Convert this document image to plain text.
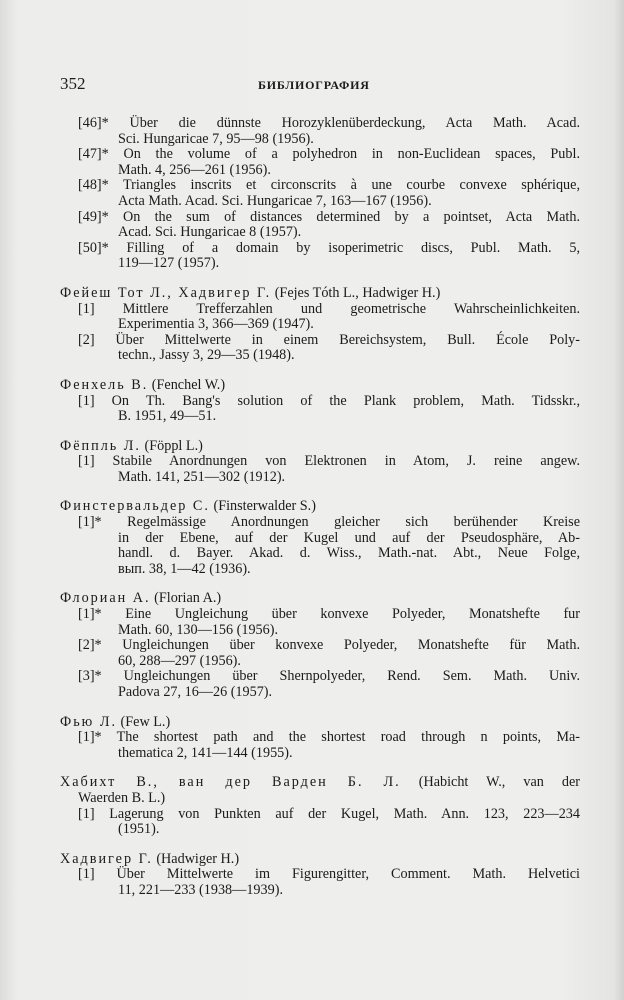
352	БИБЛИОГРАФИЯ
[46]* Über die dünnste Horozyklenüberdeckung, Acta Math. Acad.
Sci. Hungaricae 7, 95—98 (1956).
[47]* On the volume of a polyhedron in non-Euclidean spaces, Publ.
Math. 4, 256—261 (1956).
[48]* Triangles inscrits et circonscrits à une courbe convexe sphérique,
Acta Math. Acad. Sci. Hungaricae 7, 163—167 (1956).
[49]* On the sum of distances determined by a pointset, Acta Math.
Acad. Sci. Hungaricae 8 (1957).
[50]* Filling of a domain by isoperimetric discs, Publ. Math. 5,
119—127 (1957).
Фейеш Тот Л., Хадвигер Г. (Fejes Tóth L., Hadwiger H.)
[1] Mittlere Trefferzahlen und geometrische Wahrscheinlichkeiten.
Experimentia 3, 366—369 (1947).
[2] Über Mittelwerte in einem Bereichsystem, Bull. École Poly-
techn., Jassy 3, 29—35 (1948).
Фенхель В. (Fenchel W.)
[1] On Th. Bang's solution of the Plank problem, Math. Tidsskr.,
B. 1951, 49—51.
Фёппль Л. (Föppl L.)
[1] Stabile Anordnungen von Elektronen in Atom, J. reine angew.
Math. 141, 251—302 (1912).
Финстервальдер С. (Finsterwalder S.)
[1]* Regelmässige Anordnungen gleicher sich berühender Kreise
in der Ebene, auf der Kugel und auf der Pseudosphäre, Ab-
handl. d. Bayer. Akad. d. Wiss., Math.-nat. Abt., Neue Folge,
вып. 38, 1—42 (1936).
Флориан А. (Florian A.)
[1]* Eine Ungleichung über konvexe Polyeder, Monatshefte fur
Math. 60, 130—156 (1956).
[2]* Ungleichungen über konvexe Polyeder, Monatshefte für Math.
60, 288—297 (1956).
[3]* Ungleichungen über Shernpolyeder, Rend. Sem. Math. Univ.
Padova 27, 16—26 (1957).
Фью Л. (Few L.)
[1]* The shortest path and the shortest road through n points, Ma-
thematica 2, 141—144 (1955).
Хабихт В., ван дер Варден Б. Л. (Habicht W., van der
Waerden B. L.)
[1] Lagerung von Punkten auf der Kugel, Math. Ann. 123, 223—234
(1951).
Хадвигер Г. (Hadwiger H.)
[1] Über Mittelwerte im Figurengitter, Comment. Math. Helvetici
11, 221—233 (1938—1939).
